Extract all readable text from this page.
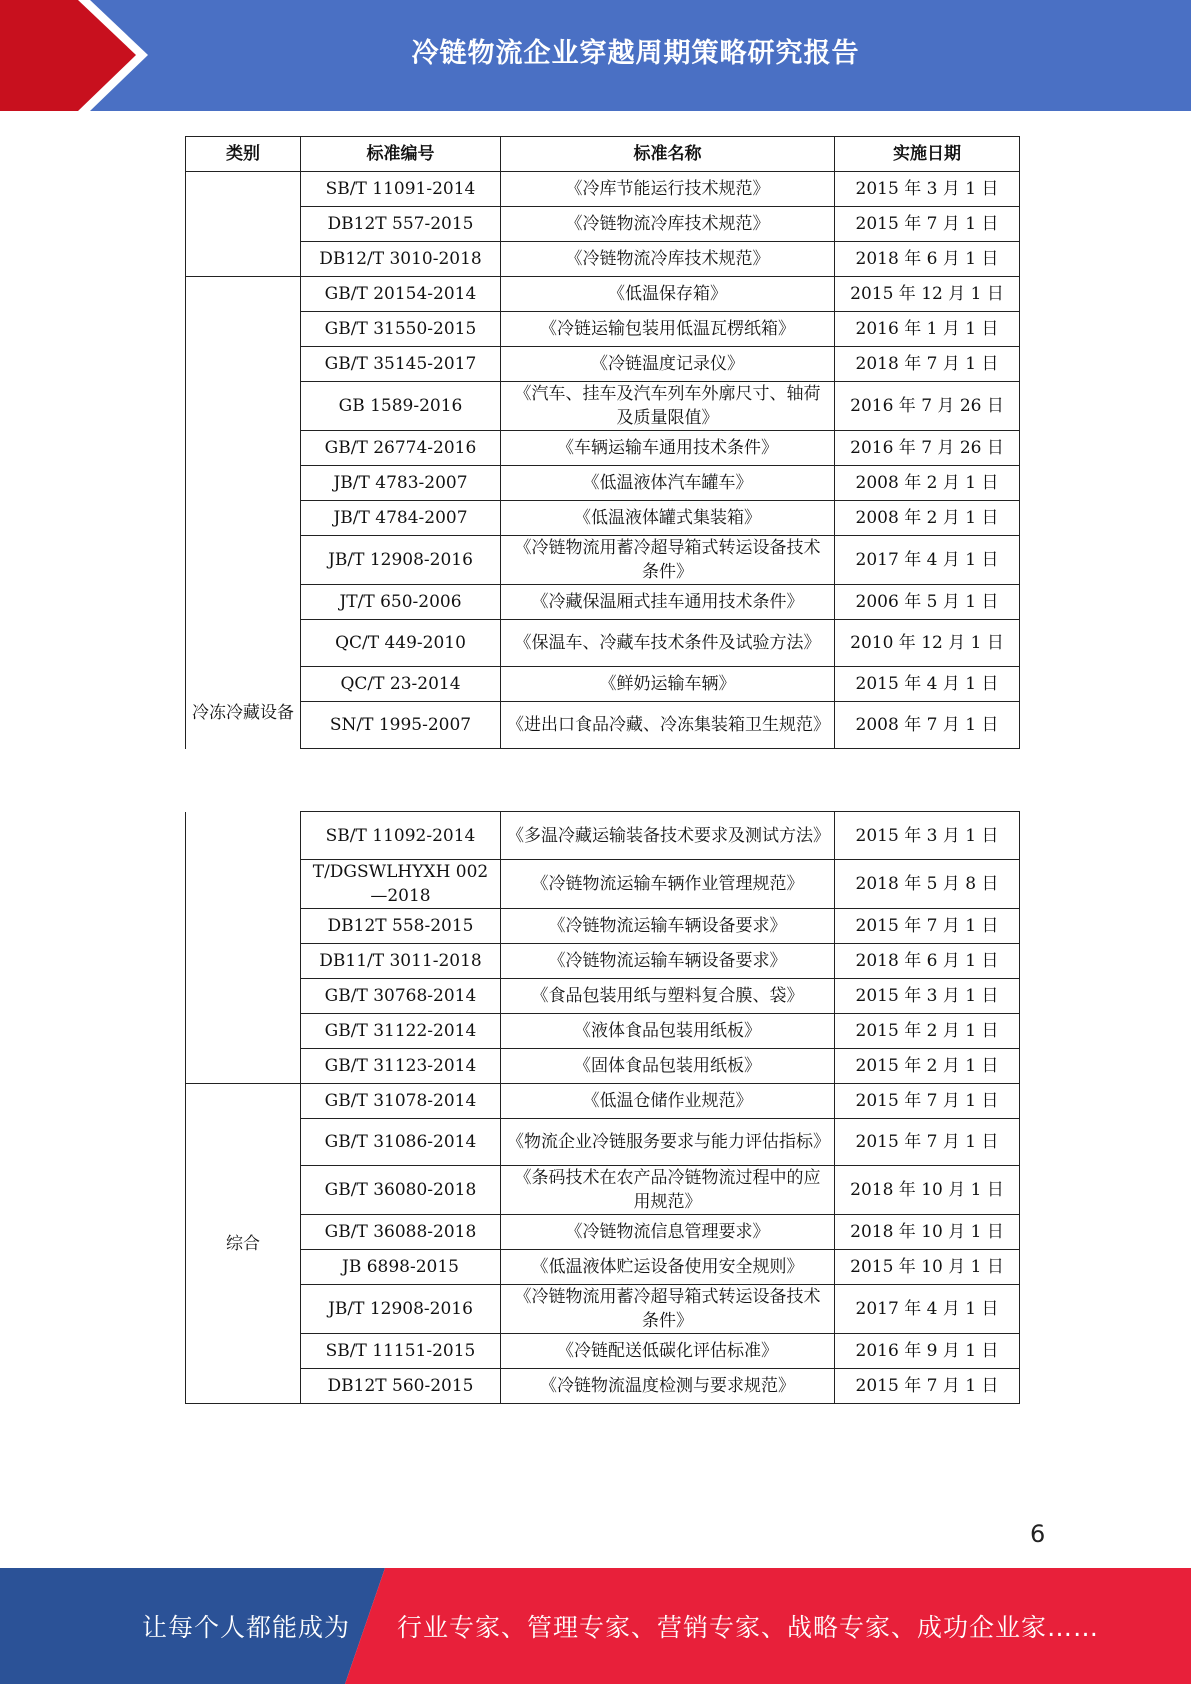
冷链物流企业穿越周期策略研究报告
类别	标准编号	标准名称	实施日期
	SB/T 11091-2014	《冷库节能运行技术规范》	2015 年 3 月 1 日
	DB12T 557-2015	《冷链物流冷库技术规范》	2015 年 7 月 1 日
	DB12/T 3010-2018	《冷链物流冷库技术规范》	2018 年 6 月 1 日
冷冻冷藏设备	GB/T 20154-2014	《低温保存箱》	2015 年 12 月 1 日
	GB/T 31550-2015	《冷链运输包装用低温瓦楞纸箱》	2016 年 1 月 1 日
	GB/T 35145-2017	《冷链温度记录仪》	2018 年 7 月 1 日
	GB 1589-2016	《汽车、挂车及汽车列车外廓尺寸、轴荷及质量限值》	2016 年 7 月 26 日
	GB/T 26774-2016	《车辆运输车通用技术条件》	2016 年 7 月 26 日
	JB/T 4783-2007	《低温液体汽车罐车》	2008 年 2 月 1 日
	JB/T 4784-2007	《低温液体罐式集装箱》	2008 年 2 月 1 日
	JB/T 12908-2016	《冷链物流用蓄冷超导箱式转运设备技术条件》	2017 年 4 月 1 日
	JT/T 650-2006	《冷藏保温厢式挂车通用技术条件》	2006 年 5 月 1 日
	QC/T 449-2010	《保温车、冷藏车技术条件及试验方法》	2010 年 12 月 1 日
	QC/T 23-2014	《鲜奶运输车辆》	2015 年 4 月 1 日
	SN/T 1995-2007	《进出口食品冷藏、冷冻集装箱卫生规范》	2008 年 7 月 1 日
	SB/T 11092-2014	《多温冷藏运输装备技术要求及测试方法》	2015 年 3 月 1 日
	T/DGSWLHYXH 002—2018	《冷链物流运输车辆作业管理规范》	2018 年 5 月 8 日
	DB12T 558-2015	《冷链物流运输车辆设备要求》	2015 年 7 月 1 日
	DB11/T 3011-2018	《冷链物流运输车辆设备要求》	2018 年 6 月 1 日
	GB/T 30768-2014	《食品包装用纸与塑料复合膜、袋》	2015 年 3 月 1 日
	GB/T 31122-2014	《液体食品包装用纸板》	2015 年 2 月 1 日
	GB/T 31123-2014	《固体食品包装用纸板》	2015 年 2 月 1 日
综合	GB/T 31078-2014	《低温仓储作业规范》	2015 年 7 月 1 日
	GB/T 31086-2014	《物流企业冷链服务要求与能力评估指标》	2015 年 7 月 1 日
	GB/T 36080-2018	《条码技术在农产品冷链物流过程中的应用规范》	2018 年 10 月 1 日
	GB/T 36088-2018	《冷链物流信息管理要求》	2018 年 10 月 1 日
	JB 6898-2015	《低温液体贮运设备使用安全规则》	2015 年 10 月 1 日
	JB/T 12908-2016	《冷链物流用蓄冷超导箱式转运设备技术条件》	2017 年 4 月 1 日
	SB/T 11151-2015	《冷链配送低碳化评估标准》	2016 年 9 月 1 日
	DB12T 560-2015	《冷链物流温度检测与要求规范》	2015 年 7 月 1 日
6
让每个人都能成为 行业专家、管理专家、营销专家、战略专家、成功企业家……
